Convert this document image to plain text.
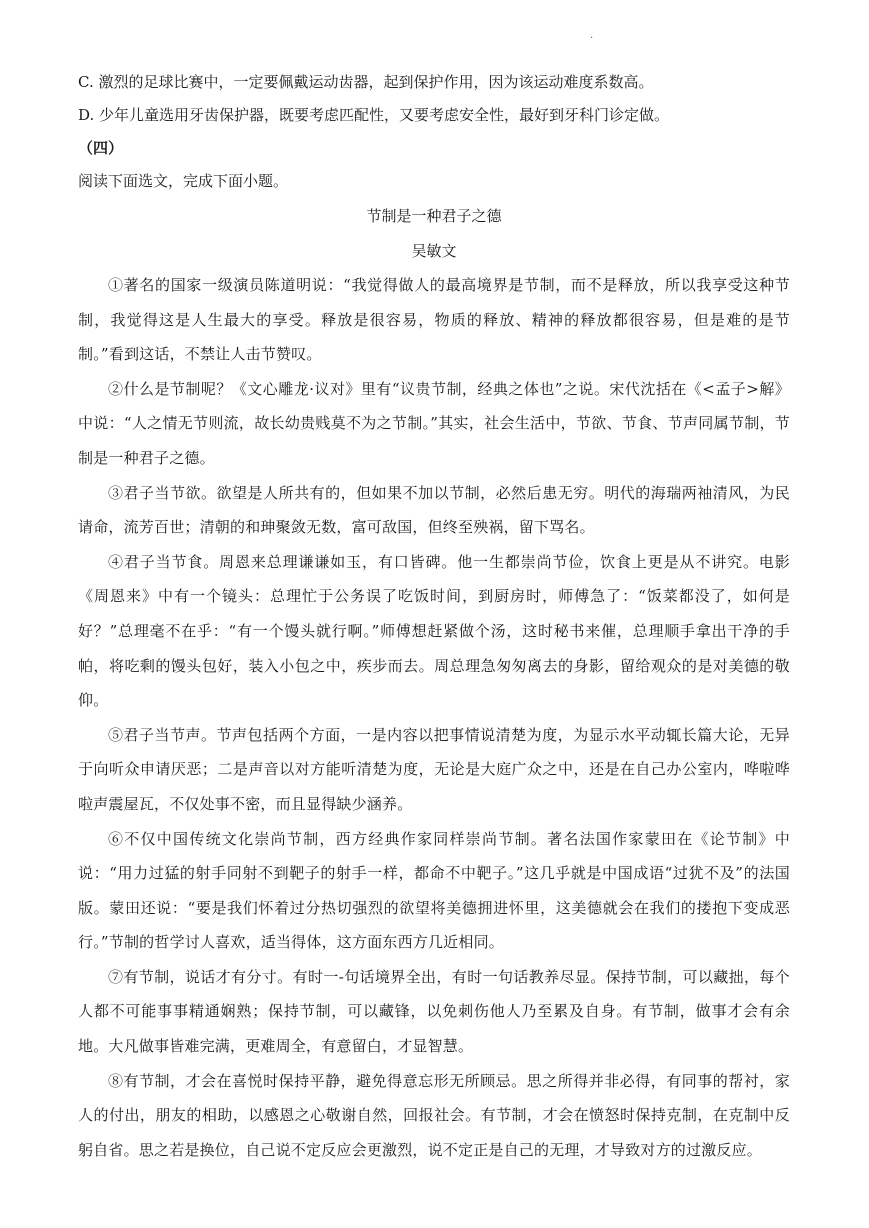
.
C. 激烈的足球比赛中，一定要佩戴运动齿器，起到保护作用，因为该运动难度系数高。
D. 少年儿童选用牙齿保护器，既要考虑匹配性，又要考虑安全性，最好到牙科门诊定做。
（四）
阅读下面选文，完成下面小题。
节制是一种君子之德
吴敏文
①著名的国家一级演员陈道明说：“我觉得做人的最高境界是节制，而不是释放，所以我享受这种节制，我觉得这是人生最大的享受。释放是很容易，物质的释放、精神的释放都很容易，但是难的是节制。”看到这话，不禁让人击节赞叹。
②什么是节制呢？《文心雕龙·议对》里有“议贵节制，经典之体也”之说。宋代沈括在《<孟子>解》中说：“人之情无节则流，故长幼贵贱莫不为之节制。”其实，社会生活中，节欲、节食、节声同属节制，节制是一种君子之德。
③君子当节欲。欲望是人所共有的，但如果不加以节制，必然后患无穷。明代的海瑞两袖清风，为民请命，流芳百世；清朝的和珅聚敛无数，富可敌国，但终至殃祸，留下骂名。
④君子当节食。周恩来总理谦谦如玉，有口皆碑。他一生都崇尚节俭，饮食上更是从不讲究。电影《周恩来》中有一个镜头：总理忙于公务误了吃饭时间，到厨房时，师傅急了：“饭菜都没了，如何是好？”总理毫不在乎：“有一个馒头就行啊。”师傅想赶紧做个汤，这时秘书来催，总理顺手拿出干净的手帕，将吃剩的馒头包好，装入小包之中，疾步而去。周总理急匆匆离去的身影，留给观众的是对美德的敬仰。
⑤君子当节声。节声包括两个方面，一是内容以把事情说清楚为度，为显示水平动辄长篇大论，无异于向听众申请厌恶；二是声音以对方能听清楚为度，无论是大庭广众之中，还是在自己办公室内，哗啦哗啦声震屋瓦，不仅处事不密，而且显得缺少涵养。
⑥不仅中国传统文化崇尚节制，西方经典作家同样崇尚节制。著名法国作家蒙田在《论节制》中说：“用力过猛的射手同射不到靶子的射手一样，都命不中靶子。”这几乎就是中国成语“过犹不及”的法国版。蒙田还说：“要是我们怀着过分热切强烈的欲望将美德拥进怀里，这美德就会在我们的搂抱下变成恶行。”节制的哲学讨人喜欢，适当得体，这方面东西方几近相同。
⑦有节制，说话才有分寸。有时一-句话境界全出，有时一句话教养尽显。保持节制，可以藏拙，每个人都不可能事事精通娴熟；保持节制，可以藏锋，以免刺伤他人乃至累及自身。有节制，做事才会有余地。大凡做事皆难完满，更难周全，有意留白，才显智慧。
⑧有节制，才会在喜悦时保持平静，避免得意忘形无所顾忌。思之所得并非必得，有同事的帮衬，家人的付出，朋友的相助，以感恩之心敬谢自然，回报社会。有节制，才会在愤怒时保持克制，在克制中反躬自省。思之若是换位，自己说不定反应会更激烈，说不定正是自己的无理，才导致对方的过激反应。
